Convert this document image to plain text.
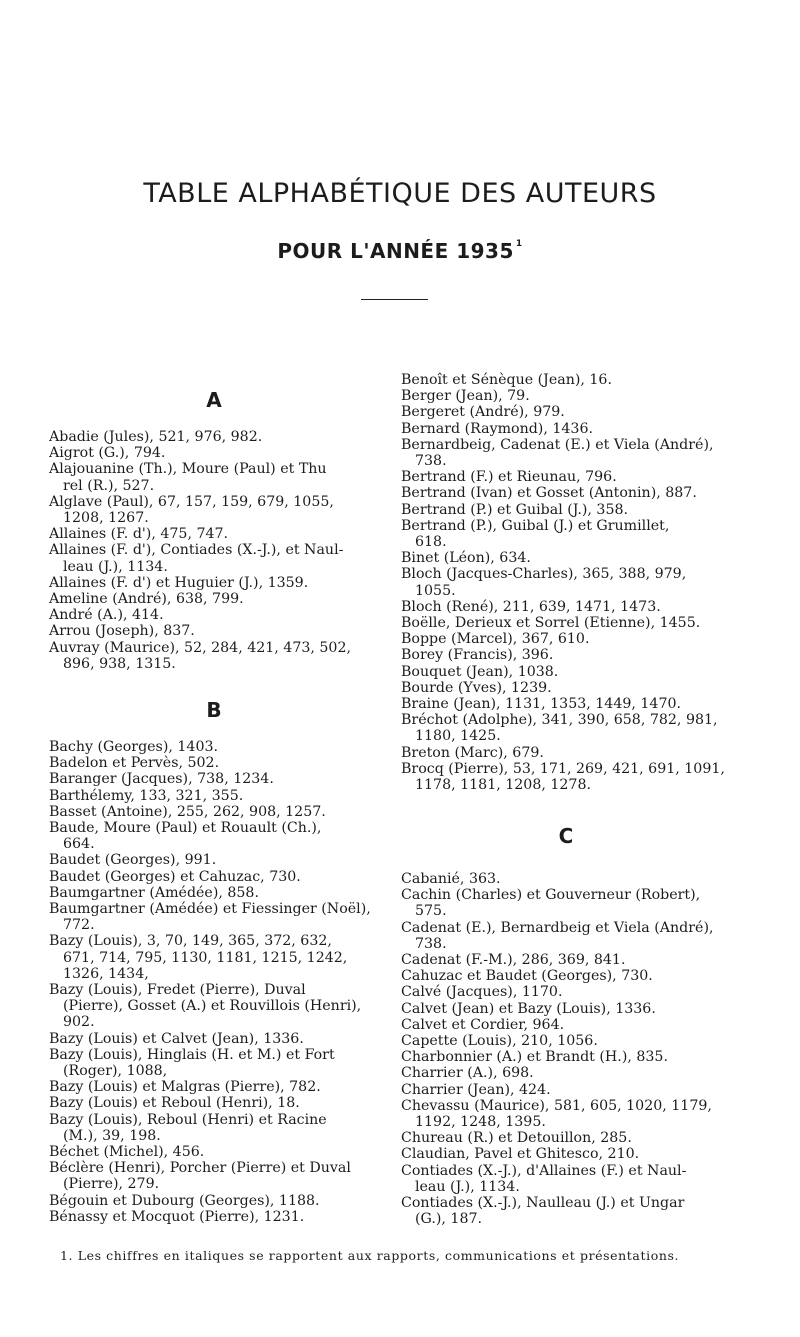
TABLE ALPHABÉTIQUE DES AUTEURS
POUR L'ANNÉE 1935 $^1$
A
Abadie (Jules), 521, 976, 982.
Aigrot (G.), 794.
Alajouanine (Th.), Moure (Paul) et Thu
rel (R.), 527.
Alglave (Paul), 67, 157, 159, 679, 1055,
1208, 1267.
Allaines (F. d'), 475, 747.
Allaines (F. d'), Contiades (X.-J.), et Naul-
leau (J.), 1134.
Allaines (F. d') et Huguier (J.), 1359.
Ameline (André), 638, 799.
André (A.), 414.
Arrou (Joseph), 837.
Auvray (Maurice), 52, 284, 421, 473, 502,
896, 938, 1315.
B
Bachy (Georges), 1403.
Badelon et Pervès, 502.
Baranger (Jacques), 738, 1234.
Barthélemy, 133, 321, 355.
Basset (Antoine), 255, 262, 908, 1257.
Baude, Moure (Paul) et Rouault (Ch.),
664.
Baudet (Georges), 991.
Baudet (Georges) et Cahuzac, 730.
Baumgartner (Amédée), 858.
Baumgartner (Amédée) et Fiessinger (Noël),
772.
Bazy (Louis), 3, 70, 149, 365, 372, 632,
671, 714, 795, 1130, 1181, 1215, 1242,
1326, 1434,
Bazy (Louis), Fredet (Pierre), Duval
(Pierre), Gosset (A.) et Rouvillois (Henri),
902.
Bazy (Louis) et Calvet (Jean), 1336.
Bazy (Louis), Hinglais (H. et M.) et Fort
(Roger), 1088,
Bazy (Louis) et Malgras (Pierre), 782.
Bazy (Louis) et Reboul (Henri), 18.
Bazy (Louis), Reboul (Henri) et Racine
(M.), 39, 198.
Béchet (Michel), 456.
Béclère (Henri), Porcher (Pierre) et Duval
(Pierre), 279.
Bégouin et Dubourg (Georges), 1188.
Bénassy et Mocquot (Pierre), 1231.
Benoît et Sénèque (Jean), 16.
Berger (Jean), 79.
Bergeret (André), 979.
Bernard (Raymond), 1436.
Bernardbeig, Cadenat (E.) et Viela (André),
738.
Bertrand (F.) et Rieunau, 796.
Bertrand (Ivan) et Gosset (Antonin), 887.
Bertrand (P.) et Guibal (J.), 358.
Bertrand (P.), Guibal (J.) et Grumillet,
618.
Binet (Léon), 634.
Bloch (Jacques-Charles), 365, 388, 979,
1055.
Bloch (René), 211, 639, 1471, 1473.
Boëlle, Derieux et Sorrel (Etienne), 1455.
Boppe (Marcel), 367, 610.
Borey (Francis), 396.
Bouquet (Jean), 1038.
Bourde (Yves), 1239.
Braine (Jean), 1131, 1353, 1449, 1470.
Bréchot (Adolphe), 341, 390, 658, 782, 981,
1180, 1425.
Breton (Marc), 679.
Brocq (Pierre), 53, 171, 269, 421, 691, 1091,
1178, 1181, 1208, 1278.
C
Cabanié, 363.
Cachin (Charles) et Gouverneur (Robert),
575.
Cadenat (E.), Bernardbeig et Viela (André),
738.
Cadenat (F.-M.), 286, 369, 841.
Cahuzac et Baudet (Georges), 730.
Calvé (Jacques), 1170.
Calvet (Jean) et Bazy (Louis), 1336.
Calvet et Cordier, 964.
Capette (Louis), 210, 1056.
Charbonnier (A.) et Brandt (H.), 835.
Charrier (A.), 698.
Charrier (Jean), 424.
Chevassu (Maurice), 581, 605, 1020, 1179,
1192, 1248, 1395.
Chureau (R.) et Detouillon, 285.
Claudian, Pavel et Ghitesco, 210.
Contiades (X.-J.), d'Allaines (F.) et Naul-
leau (J.), 1134.
Contiades (X.-J.), Naulleau (J.) et Ungar
(G.), 187.
1. Les chiffres en italiques se rapportent aux rapports, communications et présentations.
